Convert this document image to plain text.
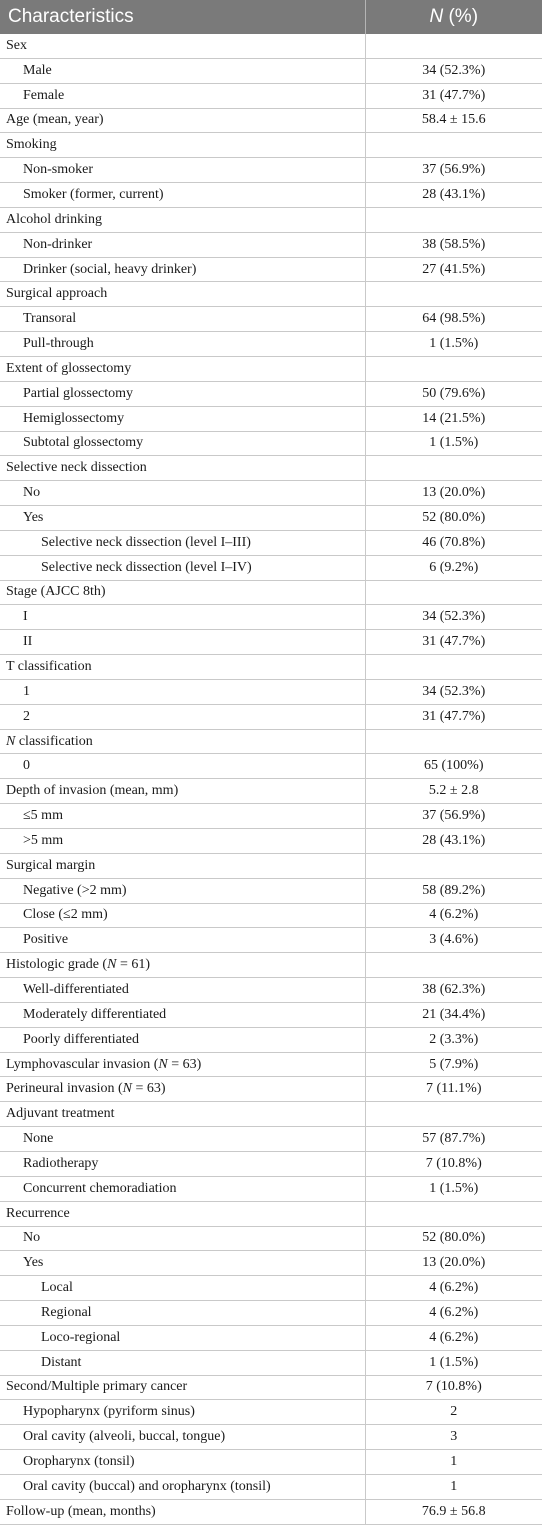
Characteristics	N (%)
Sex	
Male	34 (52.3%)
Female	31 (47.7%)
Age (mean, year)	58.4 ± 15.6
Smoking	
Non-smoker	37 (56.9%)
Smoker (former, current)	28 (43.1%)
Alcohol drinking	
Non-drinker	38 (58.5%)
Drinker (social, heavy drinker)	27 (41.5%)
Surgical approach	
Transoral	64 (98.5%)
Pull-through	1 (1.5%)
Extent of glossectomy	
Partial glossectomy	50 (79.6%)
Hemiglossectomy	14 (21.5%)
Subtotal glossectomy	1 (1.5%)
Selective neck dissection	
No	13 (20.0%)
Yes	52 (80.0%)
Selective neck dissection (level I–III)	46 (70.8%)
Selective neck dissection (level I–IV)	6 (9.2%)
Stage (AJCC 8th)	
I	34 (52.3%)
II	31 (47.7%)
T classification	
1	34 (52.3%)
2	31 (47.7%)
N classification	
0	65 (100%)
Depth of invasion (mean, mm)	5.2 ± 2.8
≤5 mm	37 (56.9%)
>5 mm	28 (43.1%)
Surgical margin	
Negative (>2 mm)	58 (89.2%)
Close (≤2 mm)	4 (6.2%)
Positive	3 (4.6%)
Histologic grade (N = 61)	
Well-differentiated	38 (62.3%)
Moderately differentiated	21 (34.4%)
Poorly differentiated	2 (3.3%)
Lymphovascular invasion (N = 63)	5 (7.9%)
Perineural invasion (N = 63)	7 (11.1%)
Adjuvant treatment	
None	57 (87.7%)
Radiotherapy	7 (10.8%)
Concurrent chemoradiation	1 (1.5%)
Recurrence	
No	52 (80.0%)
Yes	13 (20.0%)
Local	4 (6.2%)
Regional	4 (6.2%)
Loco-regional	4 (6.2%)
Distant	1 (1.5%)
Second/Multiple primary cancer	7 (10.8%)
Hypopharynx (pyriform sinus)	2
Oral cavity (alveoli, buccal, tongue)	3
Oropharynx (tonsil)	1
Oral cavity (buccal) and oropharynx (tonsil)	1
Follow-up (mean, months)	76.9 ± 56.8
